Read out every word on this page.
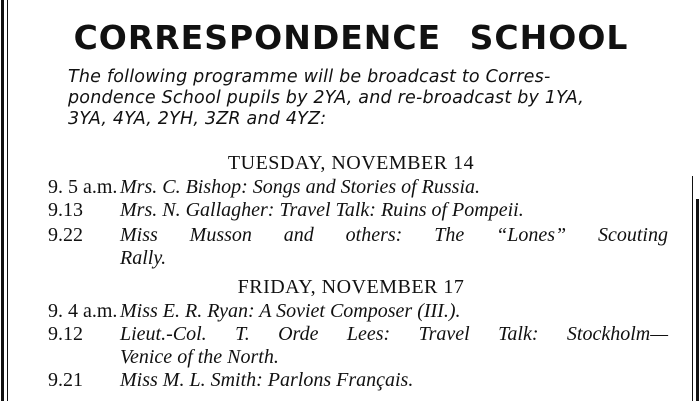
CORRESPONDENCE SCHOOL

The following programme will be broadcast to Corres-
pondence School pupils by 2YA, and re-broadcast by 1YA,
3YA, 4YA, 2YH, 3ZR and 4YZ:

TUESDAY, NOVEMBER 14
9. 5 a.m. Mrs. C. Bishop: Songs and Stories of Russia.

9.13 Mrs. N. Gallagher: Travel Talk: Ruins of Pompeii.

9.22 Miss Musson and others: The “Lones” Scouting
Rally.

FRIDAY, NOVEMBER 17
9. 4 a.m. Miss E. R. Ryan: A Soviet Composer (III.).

9.12 Lieut.-Col. T. Orde Lees: Travel Talk: Stockholm—
Venice of the North.

9.21 Miss M. L. Smith: Parlons Français.
